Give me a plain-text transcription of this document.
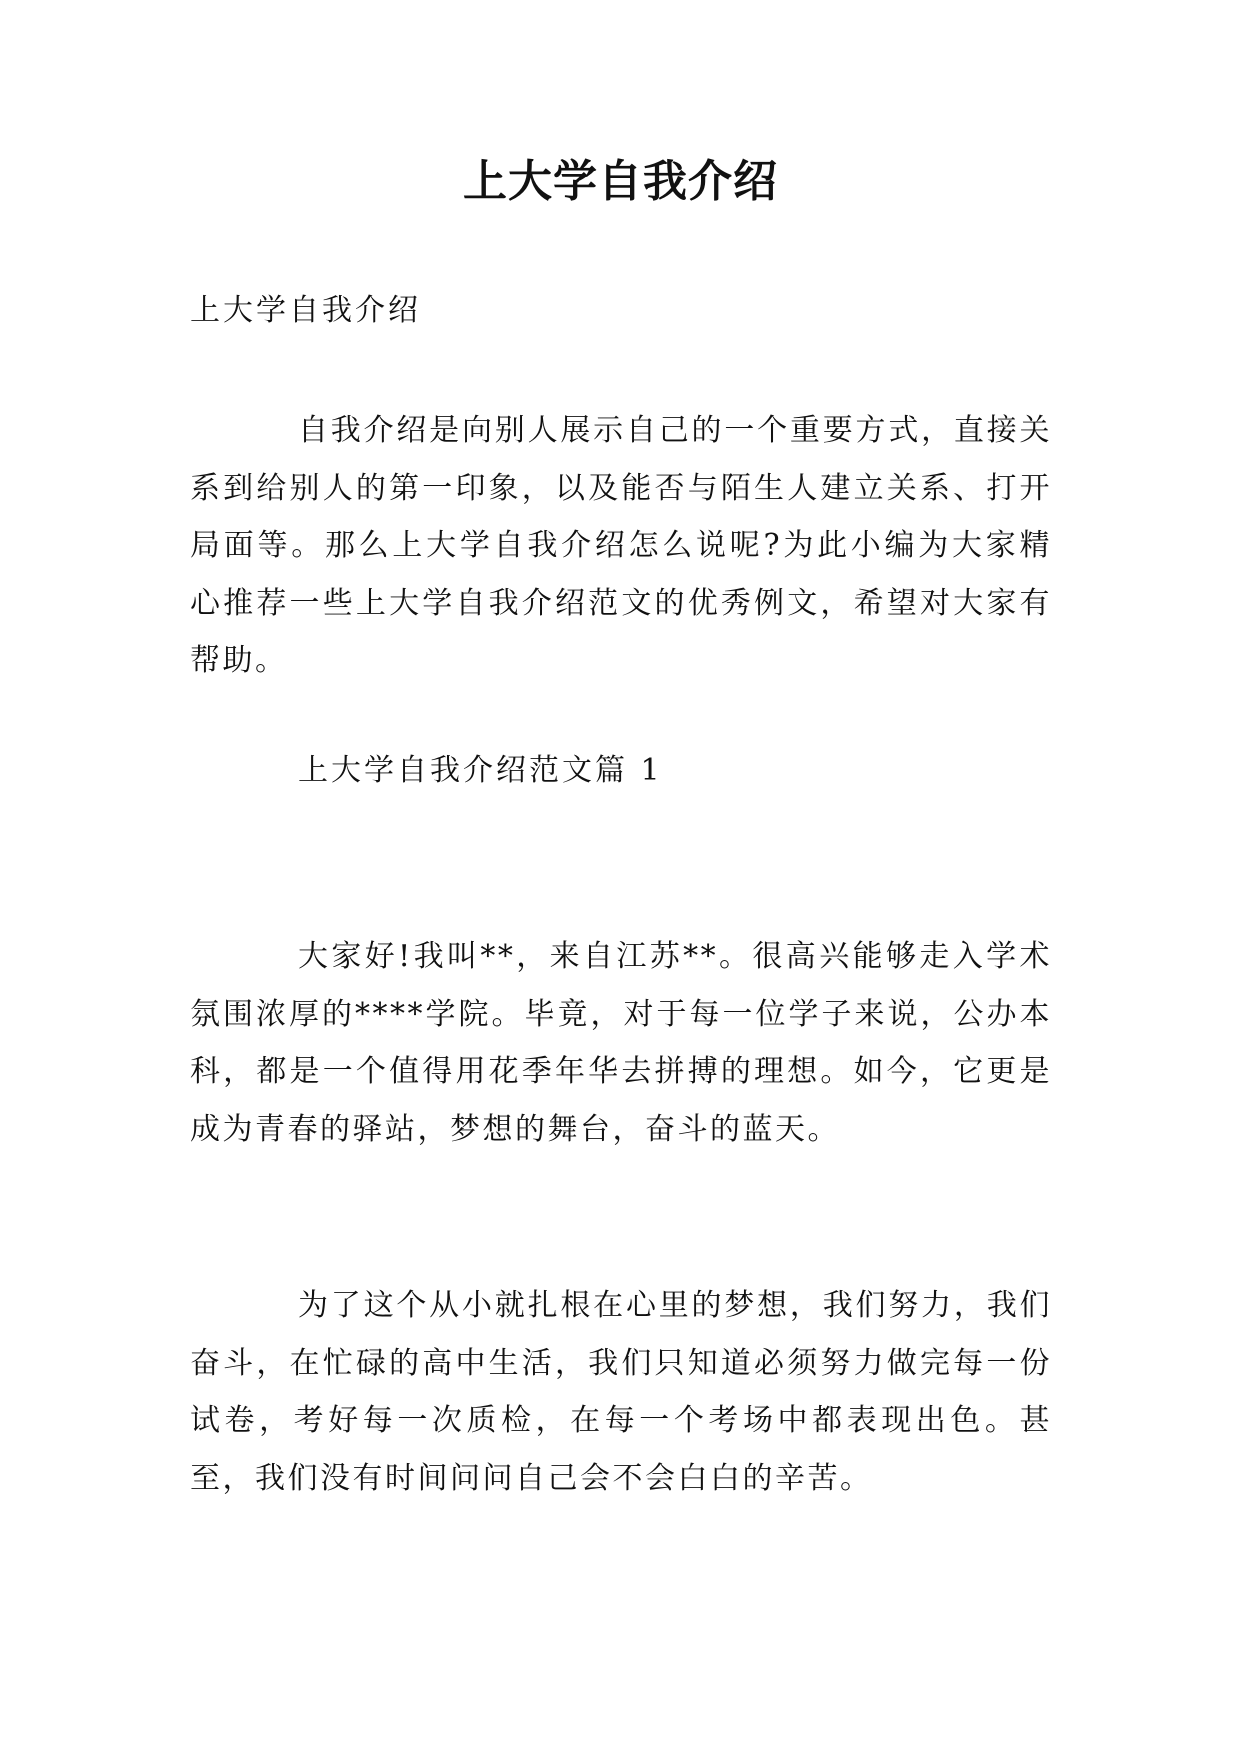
上大学自我介绍
上大学自我介绍

自我介绍是向别人展示自己的一个重要方式，直接关系到给别人的第一印象，以及能否与陌生人建立关系、打开局面等。那么上大学自我介绍怎么说呢?为此小编为大家精心推荐一些上大学自我介绍范文的优秀例文，希望对大家有帮助。

上大学自我介绍范文篇 1

大家好!我叫**，来自江苏**。很高兴能够走入学术氛围浓厚的****学院。毕竟，对于每一位学子来说，公办本科，都是一个值得用花季年华去拼搏的理想。如今，它更是成为青春的驿站，梦想的舞台，奋斗的蓝天。

为了这个从小就扎根在心里的梦想，我们努力，我们奋斗，在忙碌的高中生活，我们只知道必须努力做完每一份试卷，考好每一次质检，在每一个考场中都表现出色。甚至，我们没有时间问问自己会不会白白的辛苦。
